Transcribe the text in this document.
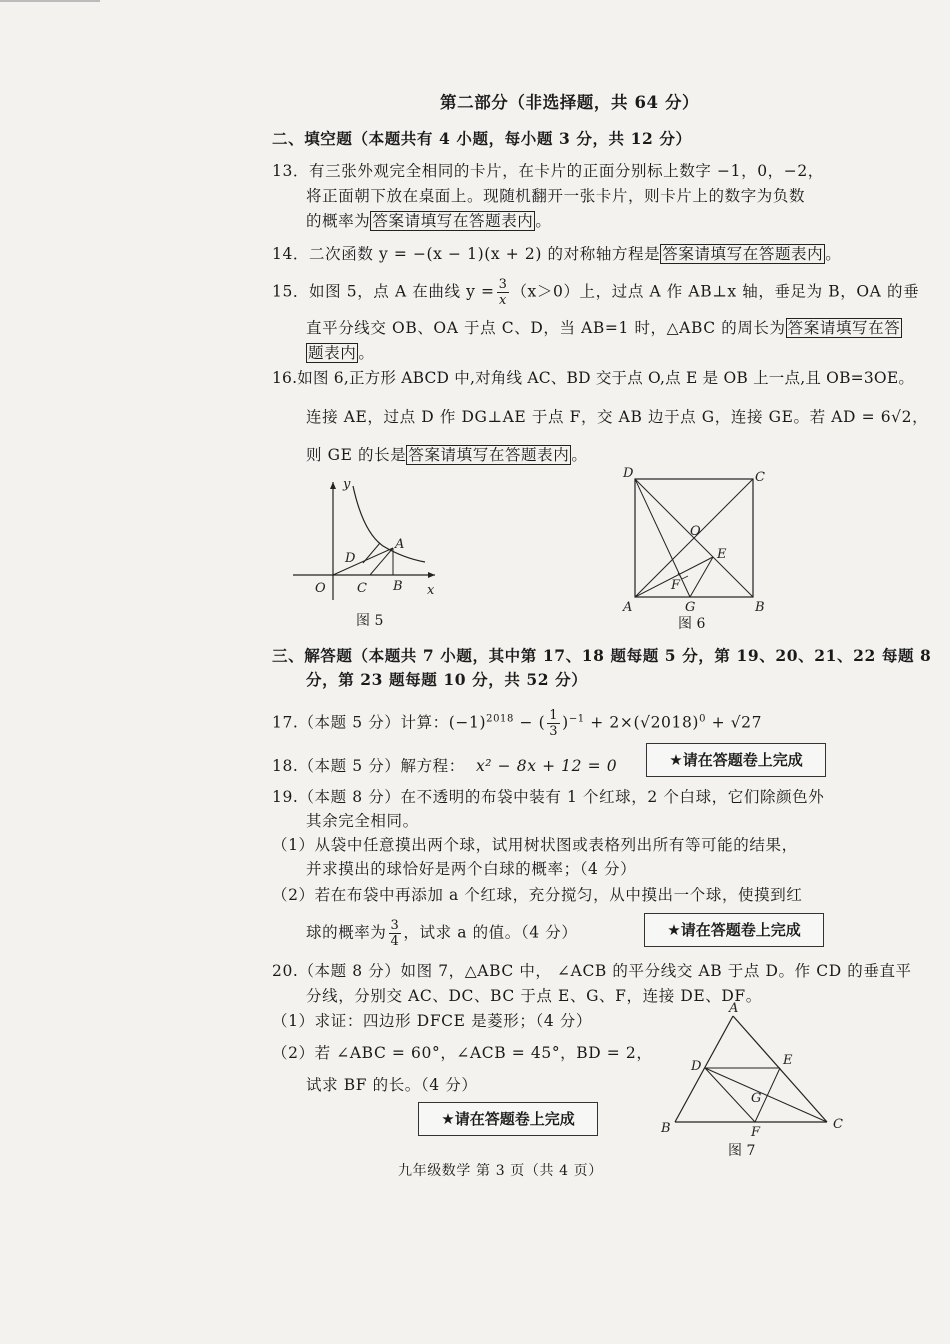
第二部分（非选择题，共 64 分）
二、填空题（本题共有 4 小题，每小题 3 分，共 12 分）
13．有三张外观完全相同的卡片，在卡片的正面分别标上数字 −1，0，−2，
将正面朝下放在桌面上。现随机翻开一张卡片，则卡片上的数字为负数
的概率为 答案请填写在答题表内 。
14．二次函数 y = −(x − 1)(x + 2) 的对称轴方程是 答案请填写在答题表内 。
15．如图 5，点 A 在曲线 $y = \frac{3}{x} (x>0)$上，过点 A 作 AB⊥x 轴，垂足为 B，OA 的垂
直平分线交 OB、OA 于点 C、D，当 AB=1 时，△ABC 的周长为 答案请填写在答
题表内 。
16.如图 6,正方形 ABCD 中,对角线 AC、BD 交于点 O,点 E 是 OB 上一点,且 OB=3OE。
连接 AE，过点 D 作 DG⊥AE 于点 F，交 AB 边于点 G，连接 GE。若 AD = 6√2，
则 GE 的长是 答案请填写在答题表内 。
y
A
D
O C B x
图 5
D	C
O
E
F
A	G	B
图 6
三、解答题（本题共 7 小题，其中第 17、18 题每题 5 分，第 19、20、21、22 每题 8
分，第 23 题每题 10 分，共 52 分）
17.（本题 5 分）计算：$(-1)^{2018}$ − ( $\frac{1}{3} )^{-1} + 2\times(√2018)^0 + √27$
18.（本题 5 分）解方程： x² − 8x + 12 = 0	★请在答题卷上完成
19.（本题 8 分）在不透明的布袋中装有 1 个红球，2 个白球，它们除颜色外
其余完全相同。
（1）从袋中任意摸出两个球，试用树状图或表格列出所有等可能的结果，
并求摸出的球恰好是两个白球的概率；（4 分）
（2）若在布袋中再添加 a 个红球，充分搅匀，从中摸出一个球，使摸到红
球的概率为 $\frac{3}{4}$ ，试求 a 的值。（4 分）	★请在答题卷上完成
20.（本题 8 分）如图 7，△ABC 中， ∠ACB 的平分线交 AB 于点 D。作 CD 的垂直平
分线，分别交 AC、DC、BC 于点 E、G、F，连接 DE、DF。
（1）求证：四边形 DFCE 是菱形；（4 分）
（2）若 ∠ABC = 60°，∠ACB = 45°，BD = 2，
试求 BF 的长。（4 分）
★请在答题卷上完成
A
D	E
G
B	F
C
图 7
九年级数学 第 3 页（共 4 页）
